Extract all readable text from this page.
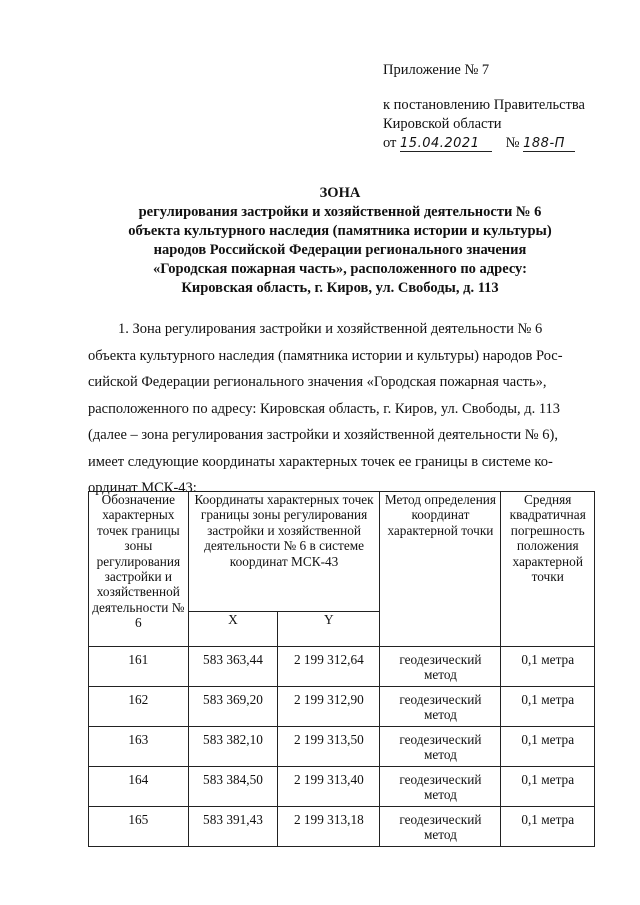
Приложение № 7
к постановлению Правительства
Кировской области
от 15.04.2021 № 188-П
ЗОНА
регулирования застройки и хозяйственной деятельности № 6
объекта культурного наследия (памятника истории и культуры)
народов Российской Федерации регионального значения
«Городская пожарная часть», расположенного по адресу:
Кировская область, г. Киров, ул. Свободы, д. 113
1. Зона регулирования застройки и хозяйственной деятельности № 6
объекта культурного наследия (памятника истории и культуры) народов Рос-
сийской Федерации регионального значения «Городская пожарная часть»,
расположенного по адресу: Кировская область, г. Киров, ул. Свободы, д. 113
(далее – зона регулирования застройки и хозяйственной деятельности № 6),
имеет следующие координаты характерных точек ее границы в системе ко-
ординат МСК-43:
Обозначение характерных точек границы зоны регулирования застройки и хозяйственной деятельности № 6	Координаты характерных точек границы зоны регулирования застройки и хозяйственной деятельности № 6 в системе координат МСК-43		Метод определения координат характерной точки	Средняя квадратичная погрешность положения характерной точки
	X	Y		
161	583 363,44	2 199 312,64	геодезический метод	0,1 метра
162	583 369,20	2 199 312,90	геодезический метод	0,1 метра
163	583 382,10	2 199 313,50	геодезический метод	0,1 метра
164	583 384,50	2 199 313,40	геодезический метод	0,1 метра
165	583 391,43	2 199 313,18	геодезический метод	0,1 метра
